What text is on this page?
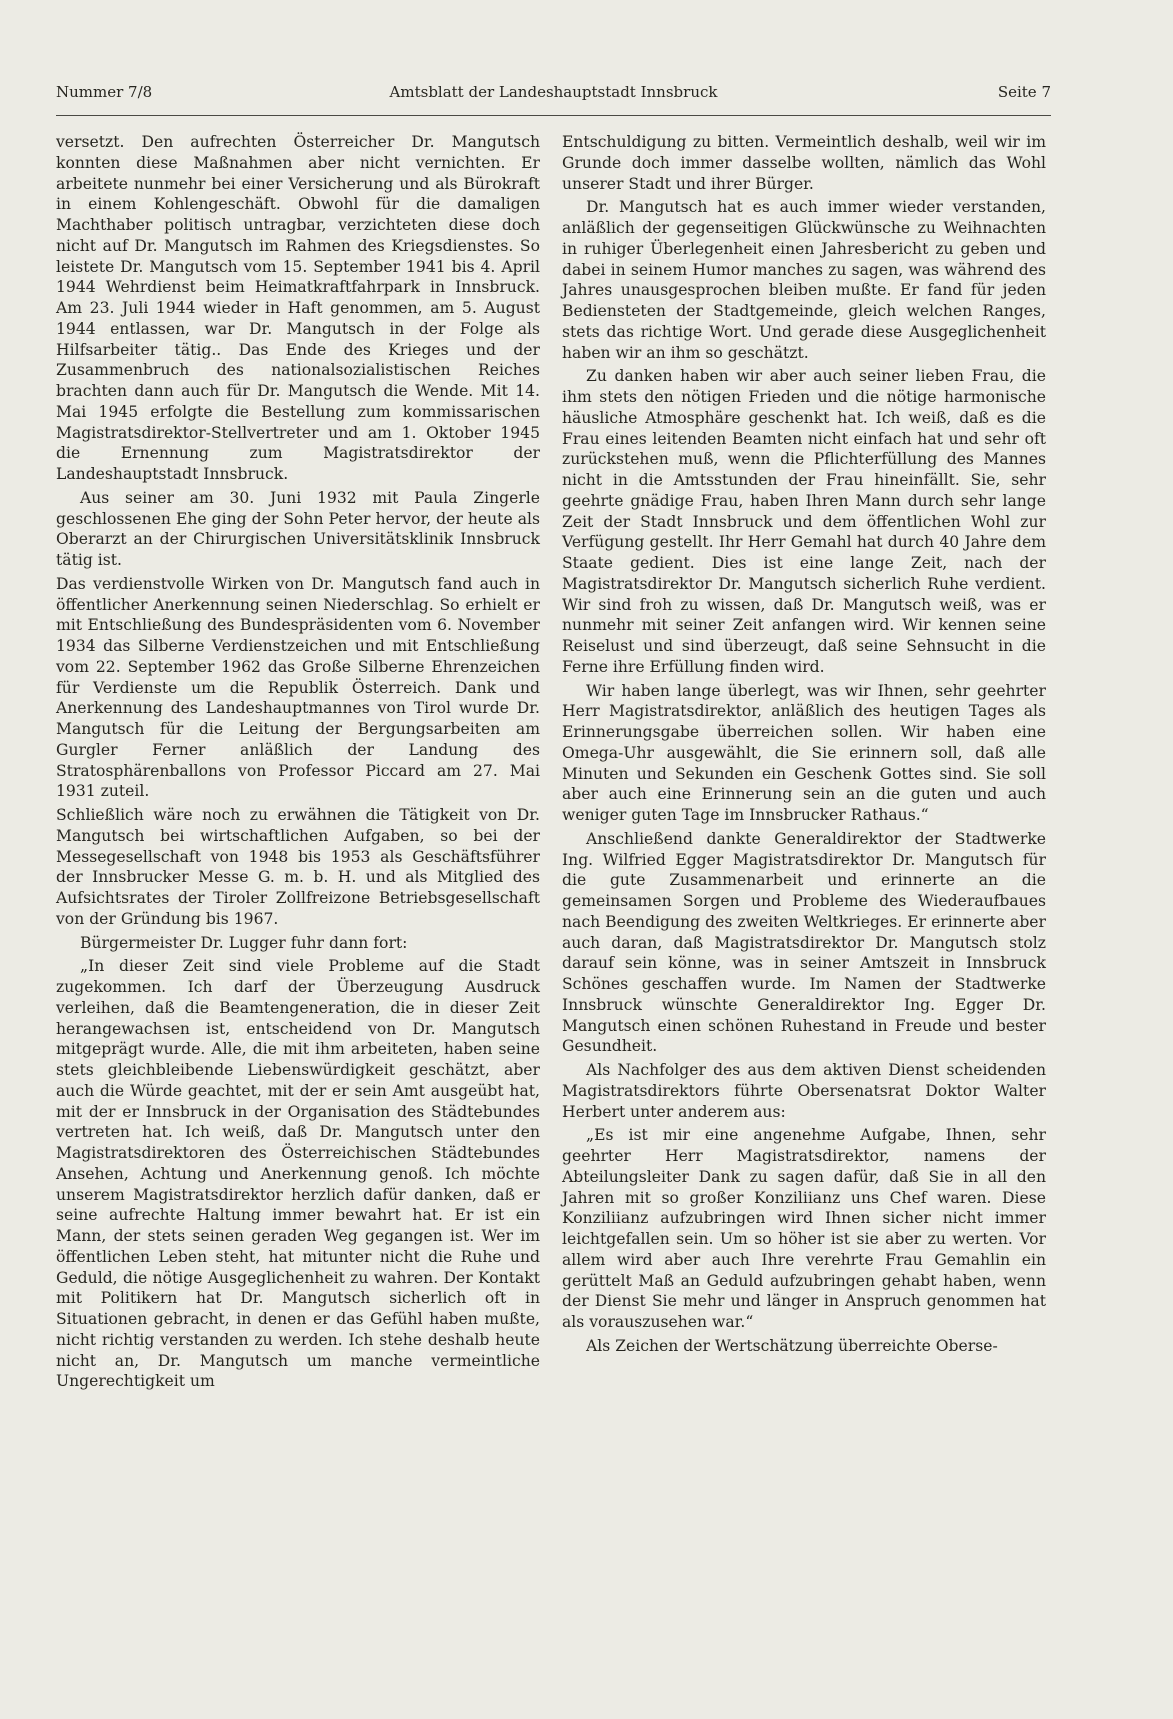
Nummer 7/8	Amtsblatt der Landeshauptstadt Innsbruck	Seite 7

versetzt. Den aufrechten Österreicher Dr. Mangutsch konnten diese Maßnahmen aber nicht vernichten. Er arbeitete nunmehr bei einer Versicherung und als Bürokraft in einem Kohlengeschäft. Obwohl für die damaligen Machthaber politisch untragbar, verzichteten diese doch nicht auf Dr. Mangutsch im Rahmen des Kriegsdienstes. So leistete Dr. Mangutsch vom 15. September 1941 bis 4. April 1944 Wehrdienst beim Heimatkraftfahrpark in Innsbruck. Am 23. Juli 1944 wieder in Haft genommen, am 5. August 1944 entlassen, war Dr. Mangutsch in der Folge als Hilfsarbeiter tätig.. Das Ende des Krieges und der Zusammenbruch des nationalsozialistischen Reiches brachten dann auch für Dr. Mangutsch die Wende. Mit 14. Mai 1945 erfolgte die Bestellung zum kommissarischen Magistratsdirektor-Stellvertreter und am 1. Oktober 1945 die Ernennung zum Magistratsdirektor der Landeshauptstadt Innsbruck.

Aus seiner am 30. Juni 1932 mit Paula Zingerle geschlossenen Ehe ging der Sohn Peter hervor, der heute als Oberarzt an der Chirurgischen Universitätsklinik Innsbruck tätig ist.

Das verdienstvolle Wirken von Dr. Mangutsch fand auch in öffentlicher Anerkennung seinen Niederschlag. So erhielt er mit Entschließung des Bundespräsidenten vom 6. November 1934 das Silberne Verdienstzeichen und mit Entschließung vom 22. September 1962 das Große Silberne Ehrenzeichen für Verdienste um die Republik Österreich. Dank und Anerkennung des Landeshauptmannes von Tirol wurde Dr. Mangutsch für die Leitung der Bergungsarbeiten am Gurgler Ferner anläßlich der Landung des Stratosphärenballons von Professor Piccard am 27. Mai 1931 zuteil.

Schließlich wäre noch zu erwähnen die Tätigkeit von Dr. Mangutsch bei wirtschaftlichen Aufgaben, so bei der Messegesellschaft von 1948 bis 1953 als Geschäftsführer der Innsbrucker Messe G. m. b. H. und als Mitglied des Aufsichtsrates der Tiroler Zollfreizone Betriebsgesellschaft von der Gründung bis 1967.

Bürgermeister Dr. Lugger fuhr dann fort:

„In dieser Zeit sind viele Probleme auf die Stadt zugekommen. Ich darf der Überzeugung Ausdruck verleihen, daß die Beamtengeneration, die in dieser Zeit herangewachsen ist, entscheidend von Dr. Mangutsch mitgeprägt wurde. Alle, die mit ihm arbeiteten, haben seine stets gleichbleibende Liebenswürdigkeit geschätzt, aber auch die Würde geachtet, mit der er sein Amt ausgeübt hat, mit der er Innsbruck in der Organisation des Städtebundes vertreten hat. Ich weiß, daß Dr. Mangutsch unter den Magistratsdirektoren des Österreichischen Städtebundes Ansehen, Achtung und Anerkennung genoß. Ich möchte unserem Magistratsdirektor herzlich dafür danken, daß er seine aufrechte Haltung immer bewahrt hat. Er ist ein Mann, der stets seinen geraden Weg gegangen ist. Wer im öffentlichen Leben steht, hat mitunter nicht die Ruhe und Geduld, die nötige Ausgeglichenheit zu wahren. Der Kontakt mit Politikern hat Dr. Mangutsch sicherlich oft in Situationen gebracht, in denen er das Gefühl haben mußte, nicht richtig verstanden zu werden. Ich stehe deshalb heute nicht an, Dr. Mangutsch um manche vermeintliche Ungerechtigkeit um

Entschuldigung zu bitten. Vermeintlich deshalb, weil wir im Grunde doch immer dasselbe wollten, nämlich das Wohl unserer Stadt und ihrer Bürger.

Dr. Mangutsch hat es auch immer wieder verstanden, anläßlich der gegenseitigen Glückwünsche zu Weihnachten in ruhiger Überlegenheit einen Jahresbericht zu geben und dabei in seinem Humor manches zu sagen, was während des Jahres unausgesprochen bleiben mußte. Er fand für jeden Bediensteten der Stadtgemeinde, gleich welchen Ranges, stets das richtige Wort. Und gerade diese Ausgeglichenheit haben wir an ihm so geschätzt.

Zu danken haben wir aber auch seiner lieben Frau, die ihm stets den nötigen Frieden und die nötige harmonische häusliche Atmosphäre geschenkt hat. Ich weiß, daß es die Frau eines leitenden Beamten nicht einfach hat und sehr oft zurückstehen muß, wenn die Pflichterfüllung des Mannes nicht in die Amtsstunden der Frau hineinfällt. Sie, sehr geehrte gnädige Frau, haben Ihren Mann durch sehr lange Zeit der Stadt Innsbruck und dem öffentlichen Wohl zur Verfügung gestellt. Ihr Herr Gemahl hat durch 40 Jahre dem Staate gedient. Dies ist eine lange Zeit, nach der Magistratsdirektor Dr. Mangutsch sicherlich Ruhe verdient. Wir sind froh zu wissen, daß Dr. Mangutsch weiß, was er nunmehr mit seiner Zeit anfangen wird. Wir kennen seine Reiselust und sind überzeugt, daß seine Sehnsucht in die Ferne ihre Erfüllung finden wird.

Wir haben lange überlegt, was wir Ihnen, sehr geehrter Herr Magistratsdirektor, anläßlich des heutigen Tages als Erinnerungsgabe überreichen sollen. Wir haben eine Omega-Uhr ausgewählt, die Sie erinnern soll, daß alle Minuten und Sekunden ein Geschenk Gottes sind. Sie soll aber auch eine Erinnerung sein an die guten und auch weniger guten Tage im Innsbrucker Rathaus.“

Anschließend dankte Generaldirektor der Stadtwerke Ing. Wilfried Egger Magistratsdirektor Dr. Mangutsch für die gute Zusammenarbeit und erinnerte an die gemeinsamen Sorgen und Probleme des Wiederaufbaues nach Beendigung des zweiten Weltkrieges. Er erinnerte aber auch daran, daß Magistratsdirektor Dr. Mangutsch stolz darauf sein könne, was in seiner Amtszeit in Innsbruck Schönes geschaffen wurde. Im Namen der Stadtwerke Innsbruck wünschte Generaldirektor Ing. Egger Dr. Mangutsch einen schönen Ruhestand in Freude und bester Gesundheit.

Als Nachfolger des aus dem aktiven Dienst scheidenden Magistratsdirektors führte Obersenatsrat Doktor Walter Herbert unter anderem aus:

„Es ist mir eine angenehme Aufgabe, Ihnen, sehr geehrter Herr Magistratsdirektor, namens der Abteilungsleiter Dank zu sagen dafür, daß Sie in all den Jahren mit so großer Konziliianz uns Chef waren. Diese Konziliianz aufzubringen wird Ihnen sicher nicht immer leichtgefallen sein. Um so höher ist sie aber zu werten. Vor allem wird aber auch Ihre verehrte Frau Gemahlin ein gerüttelt Maß an Geduld aufzubringen gehabt haben, wenn der Dienst Sie mehr und länger in Anspruch genommen hat als vorauszusehen war.“

Als Zeichen der Wertschätzung überreichte Oberse-
